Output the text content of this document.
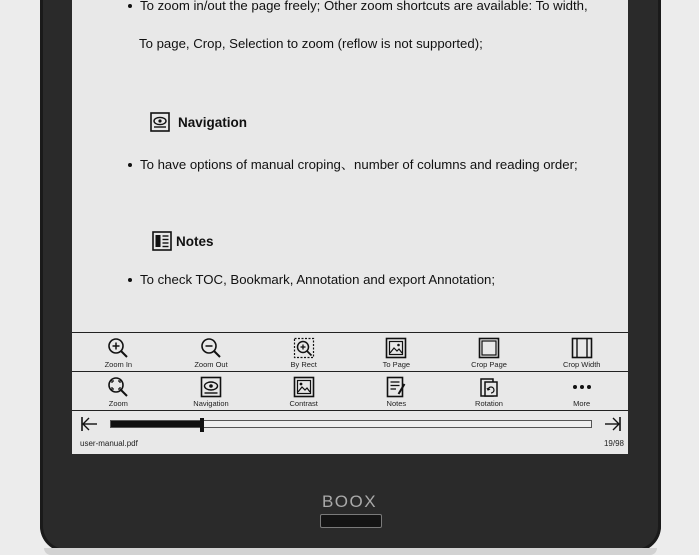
To zoom in/out the page freely; Other zoom shortcuts are available: To width,
To page, Crop, Selection to zoom (reflow is not supported);
Navigation
To have options of manual croping、number of columns and reading order;
Notes
To check TOC, Bookmark, Annotation and export Annotation;
Zoom In	Zoom Out	By Rect	To Page	Crop Page	Crop Width
Zoom	Navigation	Contrast	Notes	Rotation	More
user-manual.pdf	19/98
BOOX
